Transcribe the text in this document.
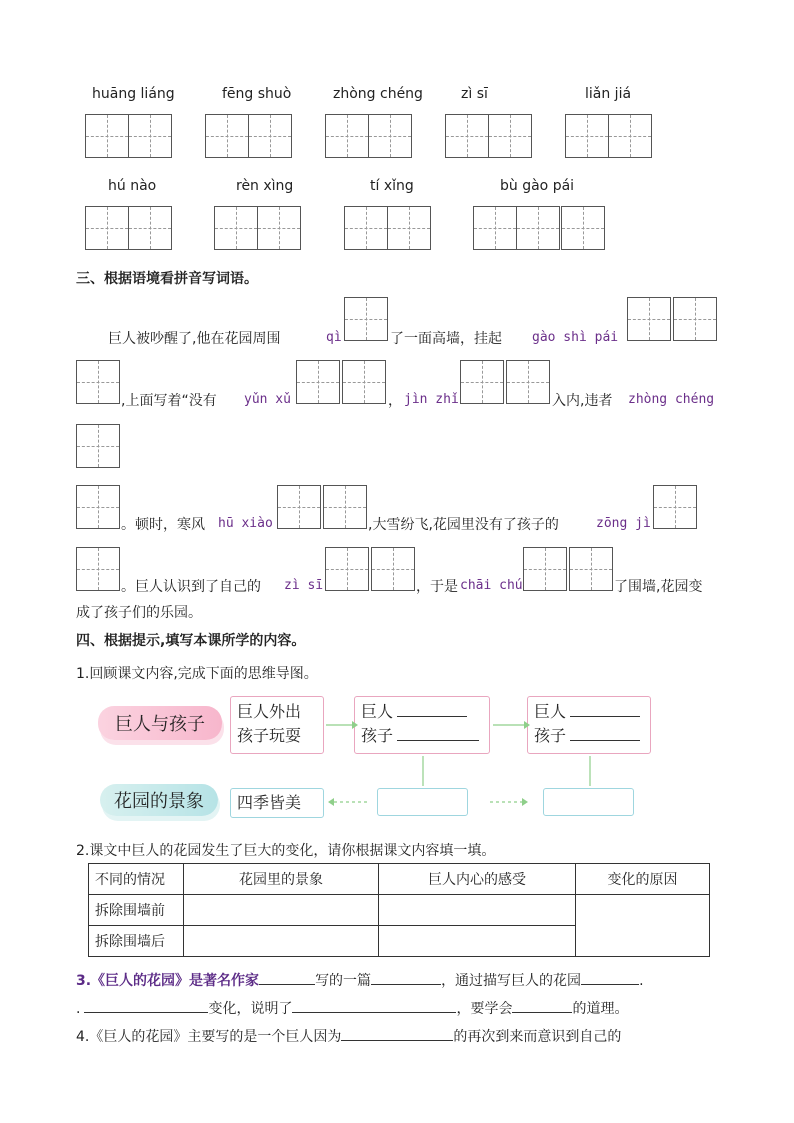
huāng liáng	fēng shuò	zhòng chéng	zì sī	liǎn jiá
hú nào	rèn xìng	tí xǐng	bù gào pái
三、根据语境看拼音写词语。
巨人被吵醒了,他在花园周围	qì	了一面高墙，挂起 gào shì pái
,上面写着“没有 yǔn xǔ	， jìn zhǐ	入内,违者 zhòng chéng
。顿时，寒风 hū xiào	,大雪纷飞,花园里没有了孩子的	zōng jì
。巨人认识到了自己的 zì sī	，于是 chāi chú	了围墙,花园变
成了孩子们的乐园。
四、根据提示,填写本课所学的内容。
1.回顾课文内容,完成下面的思维导图。
巨人与孩子
花园的景象
巨人外出
孩子玩耍
巨人
孩子
巨人
孩子
四季皆美
2.课文中巨人的花园发生了巨大的变化，请你根据课文内容填一填。
不同的情况	花园里的景象	巨人内心的感受	变化的原因
拆除围墙前			
拆除围墙后			
3.《巨人的花园》是著名作家	写的一篇	，通过描写巨人的花园	.
.	变化，说明了	，要学会	的道理。
4.《巨人的花园》主要写的是一个巨人因为	的再次到来而意识到自己的
